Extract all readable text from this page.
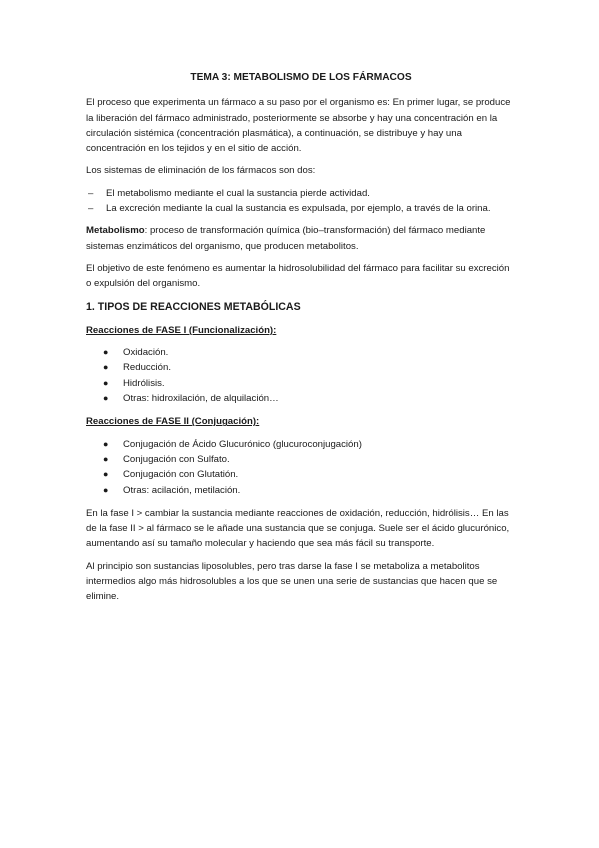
TEMA 3: METABOLISMO DE LOS FÁRMACOS

El proceso que experimenta un fármaco a su paso por el organismo es: En primer lugar, se produce la liberación del fármaco administrado, posteriormente se absorbe y hay una concentración en la circulación sistémica (concentración plasmática), a continuación, se distribuye y hay una concentración en los tejidos y en el sitio de acción.

Los sistemas de eliminación de los fármacos son dos:

– El metabolismo mediante el cual la sustancia pierde actividad.
– La excreción mediante la cual la sustancia es expulsada, por ejemplo, a través de la orina.

Metabolismo: proceso de transformación química (bio–transformación) del fármaco mediante sistemas enzimáticos del organismo, que producen metabolitos.

El objetivo de este fenómeno es aumentar la hidrosolubilidad del fármaco para facilitar su excreción o expulsión del organismo.

1. TIPOS DE REACCIONES METABÓLICAS
Reacciones de FASE I (Funcionalización):
● Oxidación.
● Reducción.
● Hidrólisis.
● Otras: hidroxilación, de alquilación…
Reacciones de FASE II (Conjugación):
● Conjugación de Ácido Glucurónico (glucuroconjugación)
● Conjugación con Sulfato.
● Conjugación con Glutatión.
● Otras: acilación, metilación.

En la fase I > cambiar la sustancia mediante reacciones de oxidación, reducción, hidrólisis… En las de la fase II > al fármaco se le añade una sustancia que se conjuga. Suele ser el ácido glucurónico, aumentando así su tamaño molecular y haciendo que sea más fácil su transporte.

Al principio son sustancias liposolubles, pero tras darse la fase I se metaboliza a metabolitos intermedios algo más hidrosolubles a los que se unen una serie de sustancias que hacen que se elimine.
